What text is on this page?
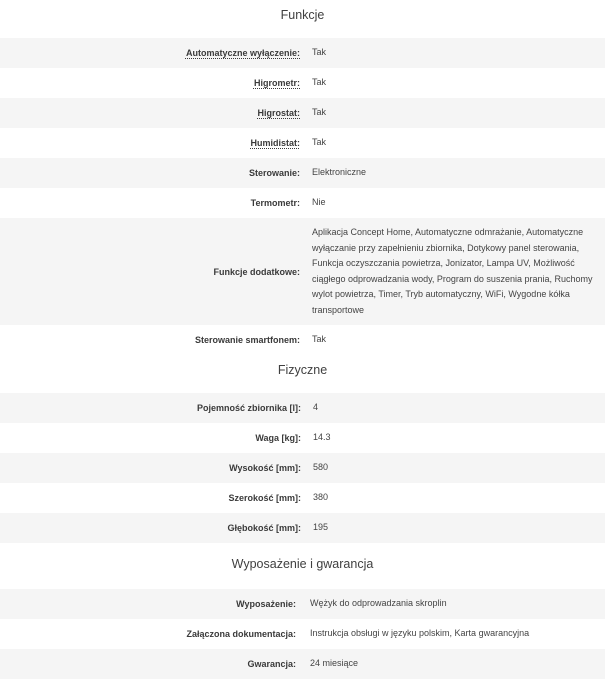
Funkcje
Automatyczne wyłączenie:	Tak
Higrometr:	Tak
Higrostat:	Tak
Humidistat:	Tak
Sterowanie:	Elektroniczne
Termometr:	Nie
Funkcje dodatkowe:
Aplikacja Concept Home, Automatyczne odmrażanie, Automatyczne wyłączanie przy zapełnieniu zbiornika, Dotykowy panel sterowania, Funkcja oczyszczania powietrza, Jonizator, Lampa UV, Możliwość ciągłego odprowadzania wody, Program do suszenia prania, Ruchomy wylot powietrza, Timer, Tryb automatyczny, WiFi, Wygodne kółka transportowe
Sterowanie smartfonem:	Tak
Fizyczne
Pojemność zbiornika [l]:	4
Waga [kg]:	14.3
Wysokość [mm]:	580
Szerokość [mm]:	380
Głębokość [mm]:	195
Wyposażenie i gwarancja
Wyposażenie:	Wężyk do odprowadzania skroplin
Załączona dokumentacja:	Instrukcja obsługi w języku polskim, Karta gwarancyjna
Gwarancja:	24 miesiące
